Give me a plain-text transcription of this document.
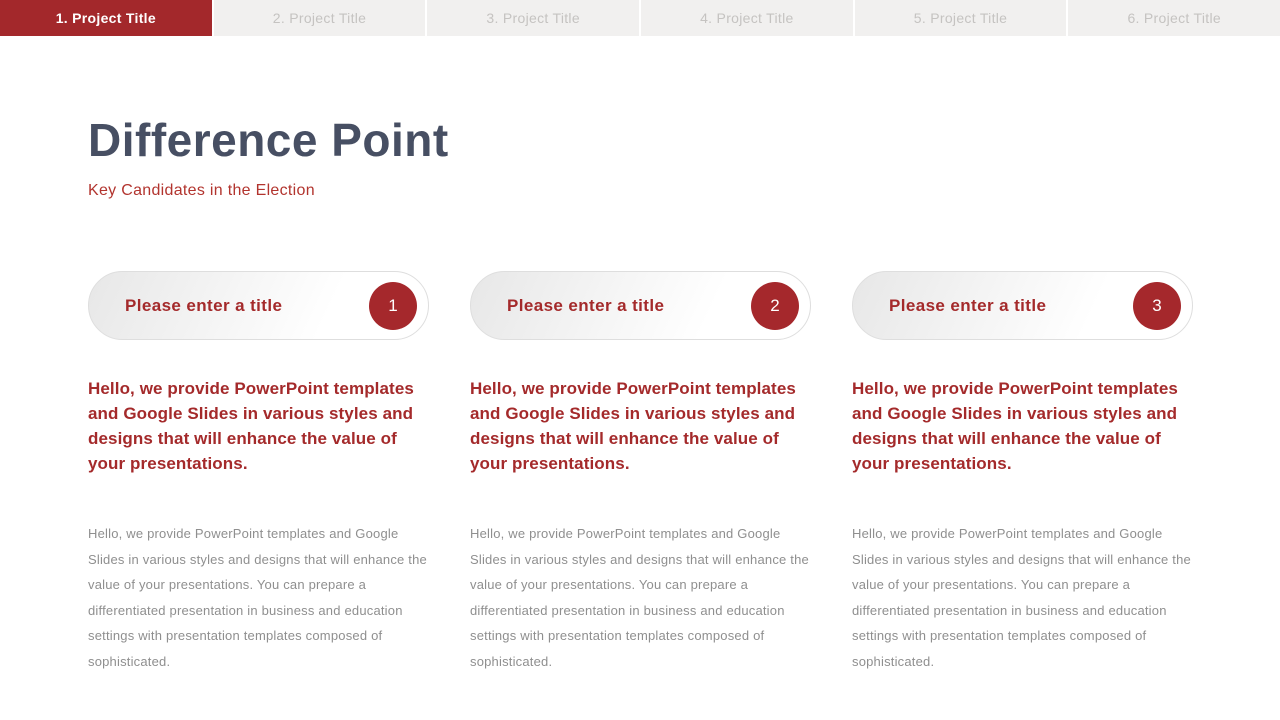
1. Project Title	2. Project Title	3. Project Title	4. Project Title	5. Project Title	6. Project Title
Difference Point
Key Candidates in the Election
Please enter a title	1

Hello, we provide PowerPoint templates and Google Slides in various styles and designs that will enhance the value of your presentations.

Hello, we provide PowerPoint templates and Google Slides in various styles and designs that will enhance the value of your presentations. You can prepare a differentiated presentation in business and education settings with presentation templates composed of sophisticated.

Please enter a title	2

Hello, we provide PowerPoint templates and Google Slides in various styles and designs that will enhance the value of your presentations.

Hello, we provide PowerPoint templates and Google Slides in various styles and designs that will enhance the value of your presentations. You can prepare a differentiated presentation in business and education settings with presentation templates composed of sophisticated.

Please enter a title	3

Hello, we provide PowerPoint templates and Google Slides in various styles and designs that will enhance the value of your presentations.

Hello, we provide PowerPoint templates and Google Slides in various styles and designs that will enhance the value of your presentations. You can prepare a differentiated presentation in business and education settings with presentation templates composed of sophisticated.
